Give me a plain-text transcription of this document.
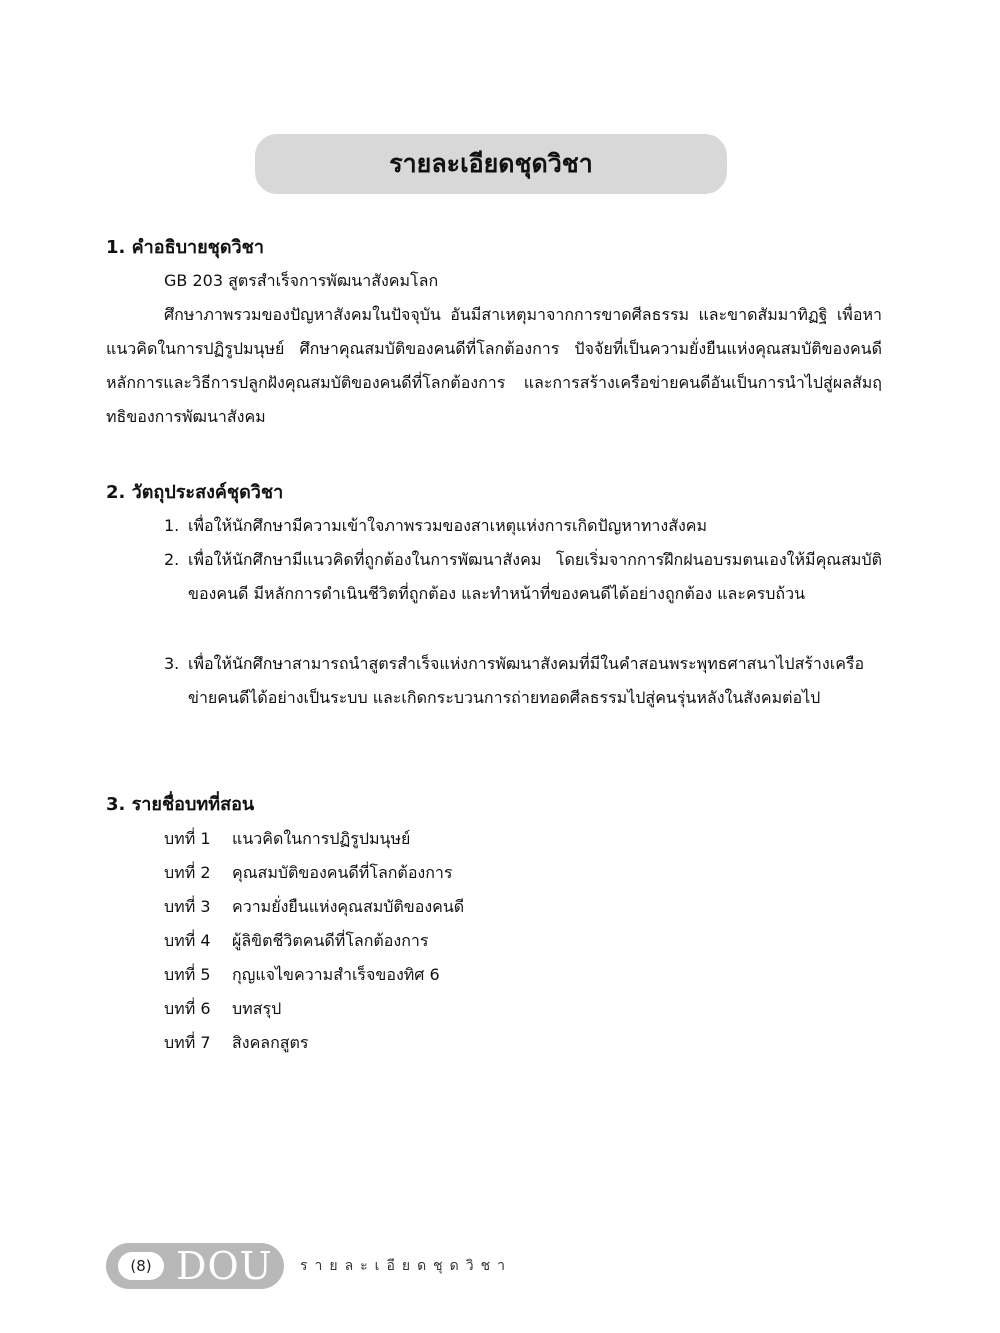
รายละเอียดชุดวิชา
1. คำอธิบายชุดวิชา
GB 203 สูตรสำเร็จการพัฒนาสังคมโลก
ศึกษาภาพรวมของปัญหาสังคมในปัจจุบัน อันมีสาเหตุมาจากการขาดศีลธรรม และขาดสัมมาทิฏฐิ เพื่อหาแนวคิดในการปฏิรูปมนุษย์ ศึกษาคุณสมบัติของคนดีที่โลกต้องการ ปัจจัยที่เป็นความยั่งยืนแห่งคุณสมบัติของคนดี หลักการและวิธีการปลูกฝังคุณสมบัติของคนดีที่โลกต้องการ และการสร้างเครือข่ายคนดีอันเป็นการนำไปสู่ผลสัมฤทธิของการพัฒนาสังคม
2. วัตถุประสงค์ชุดวิชา
1. เพื่อให้นักศึกษามีความเข้าใจภาพรวมของสาเหตุแห่งการเกิดปัญหาทางสังคม
2. เพื่อให้นักศึกษามีแนวคิดที่ถูกต้องในการพัฒนาสังคม โดยเริ่มจากการฝึกฝนอบรมตนเองให้มีคุณสมบัติของคนดี มีหลักการดำเนินชีวิตที่ถูกต้อง และทำหน้าที่ของคนดีได้อย่างถูกต้อง และครบถ้วน
3. เพื่อให้นักศึกษาสามารถนำสูตรสำเร็จแห่งการพัฒนาสังคมที่มีในคำสอนพระพุทธศาสนาไปสร้างเครือข่ายคนดีได้อย่างเป็นระบบ และเกิดกระบวนการถ่ายทอดศีลธรรมไปสู่คนรุ่นหลังในสังคมต่อไป
3. รายชื่อบทที่สอน
บทที่ 1 แนวคิดในการปฏิรูปมนุษย์
บทที่ 2 คุณสมบัติของคนดีที่โลกต้องการ
บทที่ 3 ความยั่งยืนแห่งคุณสมบัติของคนดี
บทที่ 4 ผู้ลิขิตชีวิตคนดีที่โลกต้องการ
บทที่ 5 กุญแจไขความสำเร็จของทิศ 6
บทที่ 6 บทสรุป
บทที่ 7 สิงคลกสูตร
(8) DOU รายละเอียดชุดวิชา
